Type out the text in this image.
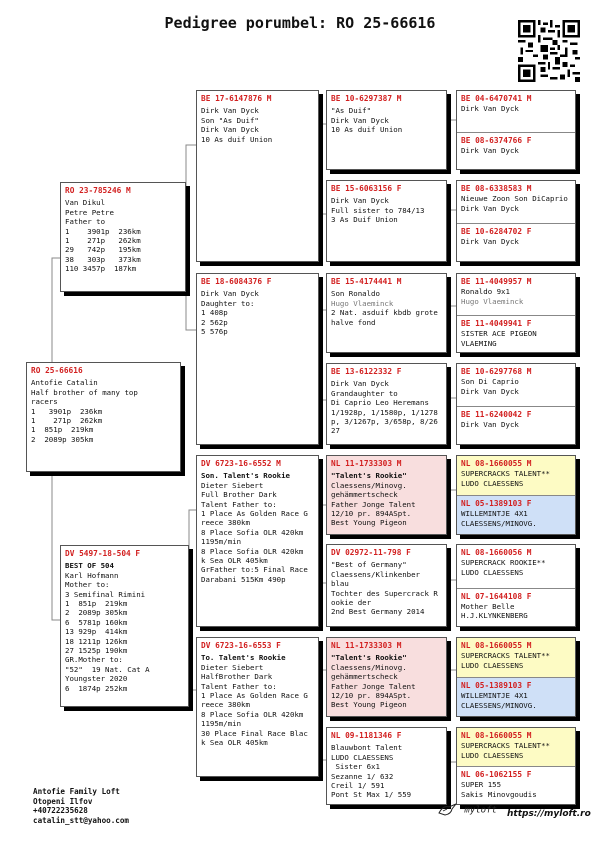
Pedigree porumbel: RO 25-66616
RO 25-66616
Antofie Catalin
Half brother of many top
racers
1   3901p  236km
1    271p  262km
1  851p  219km
2  2089p 305km
RO 23-785246 M
Van Dikul
Petre Petre
Father to
1    3901p  236km
1    271p   262km
29   742p   195km
38   303p   373km
110 3457p  187km
DV 5497-18-504 F
BEST OF 504
Karl Hofmann
Mother to:
3 Semifinal Rimini
1  851p  219km
2  2089p 305km
6  5781p 160km
13 929p  414km
18 1211p 126km
27 1525p 190km
GR.Mother to:
"52"  19 Nat. Cat A
Youngster 2020
6  1874p 252km
BE 17-6147876 M
Dirk Van Dyck
Son "As Duif"
Dirk Van Dyck
10 As duif Union
BE 18-6084376 F
Dirk Van Dyck
Daughter to:
1 408p
2 562p
5 576p
DV 6723-16-6552 M
Son. Talent's Rookie
Dieter Siebert
Full Brother Dark
Talent Father to:
1 Place As Golden Race G
reece 380km
8 Place Sofia OLR 420km
1195m/min
8 Place Sofia OLR 420km
k Sea OLR 405km
GrFather to:5 Final Race
Darabani 515Km 490p
DV 6723-16-6553 F
To. Talent's Rookie
Dieter Siebert
HalfBrother Dark
Talent Father to:
1 Place As Golden Race G
reece 380km
8 Place Sofia OLR 420km
1195m/min
30 Place Final Race Blac
k Sea OLR 405km
BE 10-6297387 M
"As Duif"
Dirk Van Dyck
10 As duif Union
BE 15-6063156 F
Dirk Van Dyck
Full sister to 784/13
3 As Duif Union
BE 15-4174441 M
Son Ronaldo
Hugo Vlaeminck
2 Nat. asduif kbdb grote
halve fond
BE 13-6122332 F
Dirk Van Dyck
Grandaughter to
Di Caprio Leo Heremans
1/1928p, 1/1580p, 1/1278
p, 3/1267p, 3/658p, 8/26
27
NL 11-1733303 M
"Talent's Rookie"
Claessens/Minovg.
gehämmertscheck
Father Jonge Talent
12/10 pr. 894ASpt.
Best Young Pigeon
DV 02972-11-798 F
"Best of Germany"
Claessens/Klinkenber
blau
Tochter des Supercrack R
ookie der
2nd Best Germany 2014
NL 11-1733303 M
"Talent's Rookie"
Claessens/Minovg.
gehämmertscheck
Father Jonge Talent
12/10 pr. 894ASpt.
Best Young Pigeon
NL 09-1181346 F
Blauwbont Talent
LUDO CLAESSENS
Sister 6x1
Sezanne 1/ 632
Creil 1/ 591
Pont St Max 1/ 559
BE 04-6470741 M
Dirk Van Dyck
BE 08-6374766 F
Dirk Van Dyck
BE 08-6338583 M
Nieuwe Zoon Son DiCaprio
Dirk Van Dyck
BE 10-6284702 F
Dirk Van Dyck
BE 11-4049957 M
Ronaldo 9x1
Hugo Vlaeminck
BE 11-4049941 F
SISTER ACE PIGEON
VLAEMING
BE 10-6297768 M
Son Di Caprio
Dirk Van Dyck
BE 11-6240042 F
Dirk Van Dyck
NL 08-1660055 M
SUPERCRACKS TALENT**
LUDO CLAESSENS
NL 05-1389103 F
WILLEMINTJE 4X1
CLAESSENS/MINOVG.
NL 08-1660056 M
SUPERCRACK ROOKIE**
LUDO CLAESSENS
NL 07-1644108 F
Mother Belle
H.J.KLYNKENBERG
NL 08-1660055 M
SUPERCRACKS TALENT**
LUDO CLAESSENS
NL 05-1389103 F
WILLEMINTJE 4X1
CLAESSENS/MINOVG.
NL 08-1660055 M
SUPERCRACKS TALENT**
LUDO CLAESSENS
NL 06-1062155 F
SUPER 155
Sakis Minovgoudis
Antofie Family Loft
Otopeni Ilfov
+40722235628
catalin_stt@yahoo.com
myloft https://myloft.ro
